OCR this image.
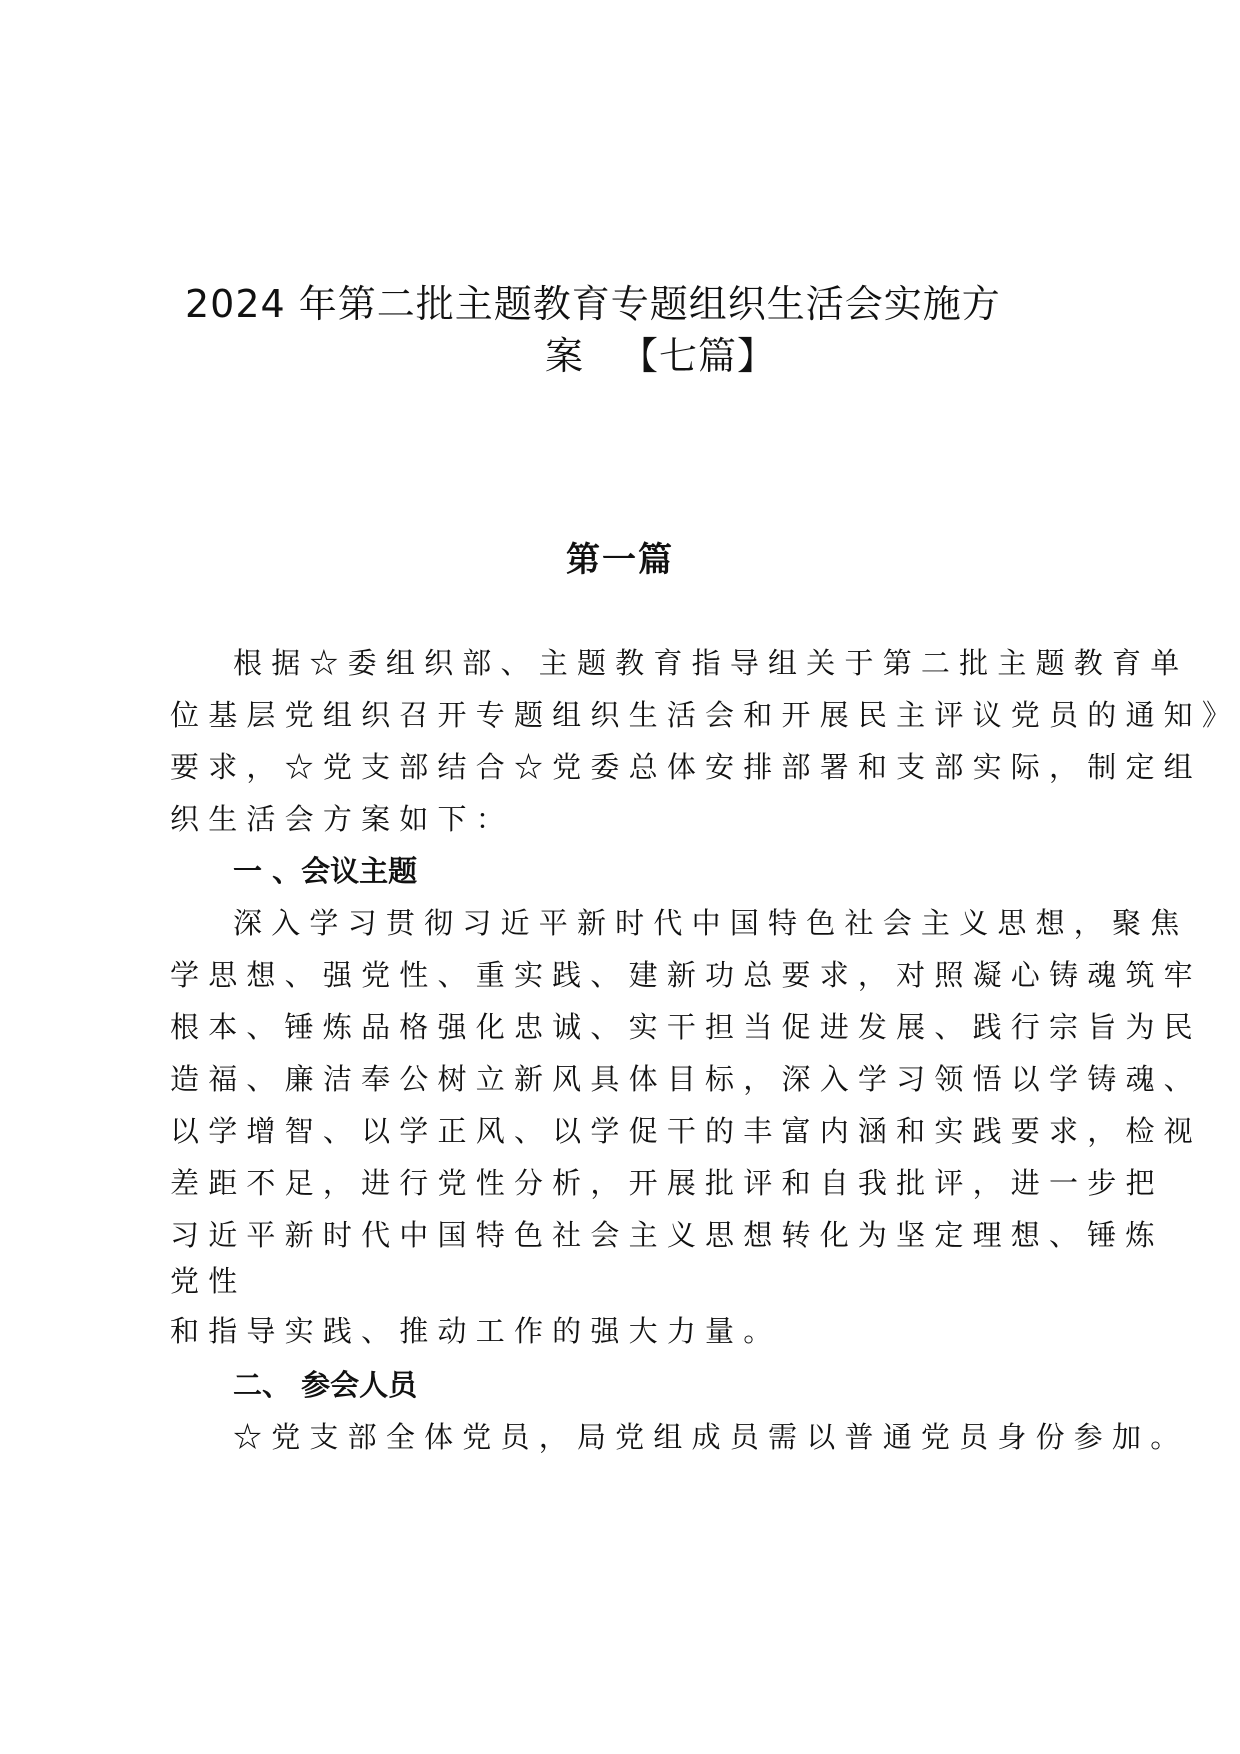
2024 年第二批主题教育专题组织生活会实施方
案 【七篇】
第一篇
根 据 ☆ 委 组 织 部 、 主 题 教 育 指 导 组 关 于 第 二 批 主 题 教 育 单
位 基 层 党 组 织 召 开 专 题 组 织 生 活 会 和 开 展 民 主 评 议 党 员 的 通 知 》
要 求 ， ☆ 党 支 部 结 合 ☆ 党 委 总 体 安 排 部 署 和 支 部 实 际 ， 制 定 组
织 生 活 会 方 案 如 下 ：
一 、会议主题
深 入 学 习 贯 彻 习 近 平 新 时 代 中 国 特 色 社 会 主 义 思 想 ， 聚 焦
学 思 想 、 强 党 性 、 重 实 践 、 建 新 功 总 要 求 ， 对 照 凝 心 铸 魂 筑 牢
根 本 、 锤 炼 品 格 强 化 忠 诚 、 实 干 担 当 促 进 发 展 、 践 行 宗 旨 为 民
造 福 、 廉 洁 奉 公 树 立 新 风 具 体 目 标 ， 深 入 学 习 领 悟 以 学 铸 魂 、
以 学 增 智 、 以 学 正 风 、 以 学 促 干 的 丰 富 内 涵 和 实 践 要 求 ， 检 视
差 距 不 足 ， 进 行 党 性 分 析 ， 开 展 批 评 和 自 我 批 评 ， 进 一 步 把
习 近 平 新 时 代 中 国 特 色 社 会 主 义 思 想 转 化 为 坚 定 理 想 、 锤 炼
党 性
和 指 导 实 践 、 推 动 工 作 的 强 大 力 量 。
二、 参会人员
☆ 党 支 部 全 体 党 员 ， 局 党 组 成 员 需 以 普 通 党 员 身 份 参 加 。
